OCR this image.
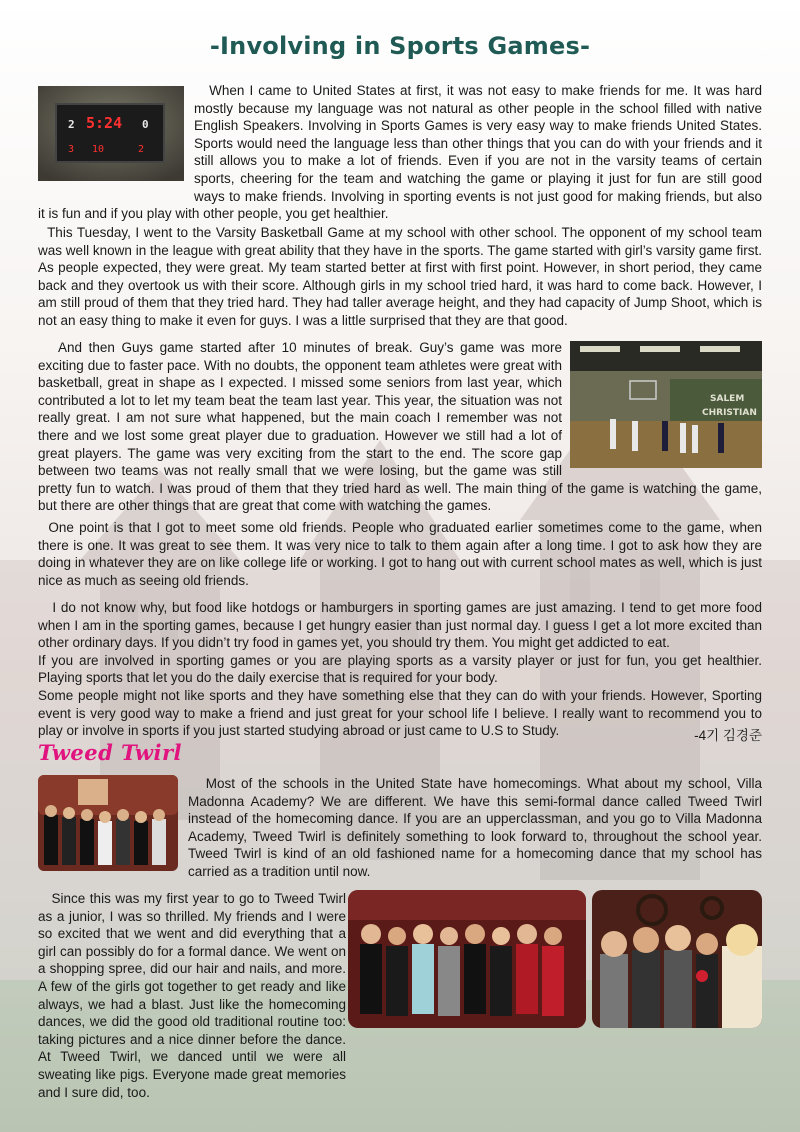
-Involving in Sports Games-

2 5:24 0
3 10	2
When I came to United States at first, it was not easy to make friends for me. It was hard mostly because my language was not natural as other people in the school filled with native English Speakers. Involving in Sports Games is very easy way to make friends United States. Sports would need the language less than other things that you can do with your friends and it still allows you to make a lot of friends. Even if you are not in the varsity teams of certain sports, cheering for the team and watching the game or playing it just for fun are still good ways to make friends. Involving in sporting events is not just good for making friends, but also it is fun and if you play with other people, you get healthier.

This Tuesday, I went to the Varsity Basketball Game at my school with other school. The opponent of my school team was well known in the league with great ability that they have in the sports. The game started with girl’s varsity game first. As people expected, they were great. My team started better at first with first point. However, in short period, they came back and they overtook us with their score. Although girls in my school tried hard, it was hard to come back. However, I am still proud of them that they tried hard. They had taller average height, and they had capacity of Jump Shoot, which is not an easy thing to make it even for guys. I was a little surprised that they are that good.

SALEM
CHRISTIAN
And then Guys game started after 10 minutes of break. Guy’s game was more exciting due to faster pace. With no doubts, the opponent team athletes were great with basketball, great in shape as I expected. I missed some seniors from last year, which contributed a lot to let my team beat the team last year. This year, the situation was not really great. I am not sure what happened, but the main coach I remember was not there and we lost some great player due to graduation. However we still had a lot of great players. The game was very exciting from the start to the end. The score gap between two teams was not really small that we were losing, but the game was still pretty fun to watch. I was proud of them that they tried hard as well. The main thing of the game is watching the game, but there are other things that are great that come with watching the games.

One point is that I got to meet some old friends. People who graduated earlier sometimes come to the game, when there is one. It was great to see them. It was very nice to talk to them again after a long time. I got to ask how they are doing in whatever they are on like college life or working. I got to hang out with current school mates as well, which is just nice as much as seeing old friends.

I do not know why, but food like hotdogs or hamburgers in sporting games are just amazing. I tend to get more food when I am in the sporting games, because I get hungry easier than just normal day. I guess I get a lot more excited than other ordinary days. If you didn’t try food in games yet, you should try them. You might get addicted to eat.
If you are involved in sporting games or you are playing sports as a varsity player or just for fun, you get healthier. Playing sports that let you do the daily exercise that is required for your body.
Some people might not like sports and they have something else that they can do with your friends. However, Sporting event is very good way to make a friend and just great for your school life I believe. I really want to recommend you to play or involve in sports if you just started studying abroad or just came to U.S to Study.	-4기 김경준
Tweed Twirl

Most of the schools in the United State have homecomings. What about my school, Villa Madonna Academy? We are different. We have this semi-formal dance called Tweed Twirl instead of the homecoming dance. If you are an upperclassman, and you go to Villa Madonna Academy, Tweed Twirl is definitely something to look forward to, throughout the school year. Tweed Twirl is kind of an old fashioned name for a homecoming dance that my school has carried as a tradition until now.

Since this was my first year to go to Tweed Twirl as a junior, I was so thrilled. My friends and I were so excited that we went and did everything that a girl can possibly do for a formal dance. We went on a shopping spree, did our hair and nails, and more. A few of the girls got together to get ready and like always, we had a blast. Just like the homecoming dances, we did the good old traditional routine too: taking pictures and a nice dinner before the dance. At Tweed Twirl, we danced until we were all sweating like pigs. Everyone made great memories and I sure did, too.
